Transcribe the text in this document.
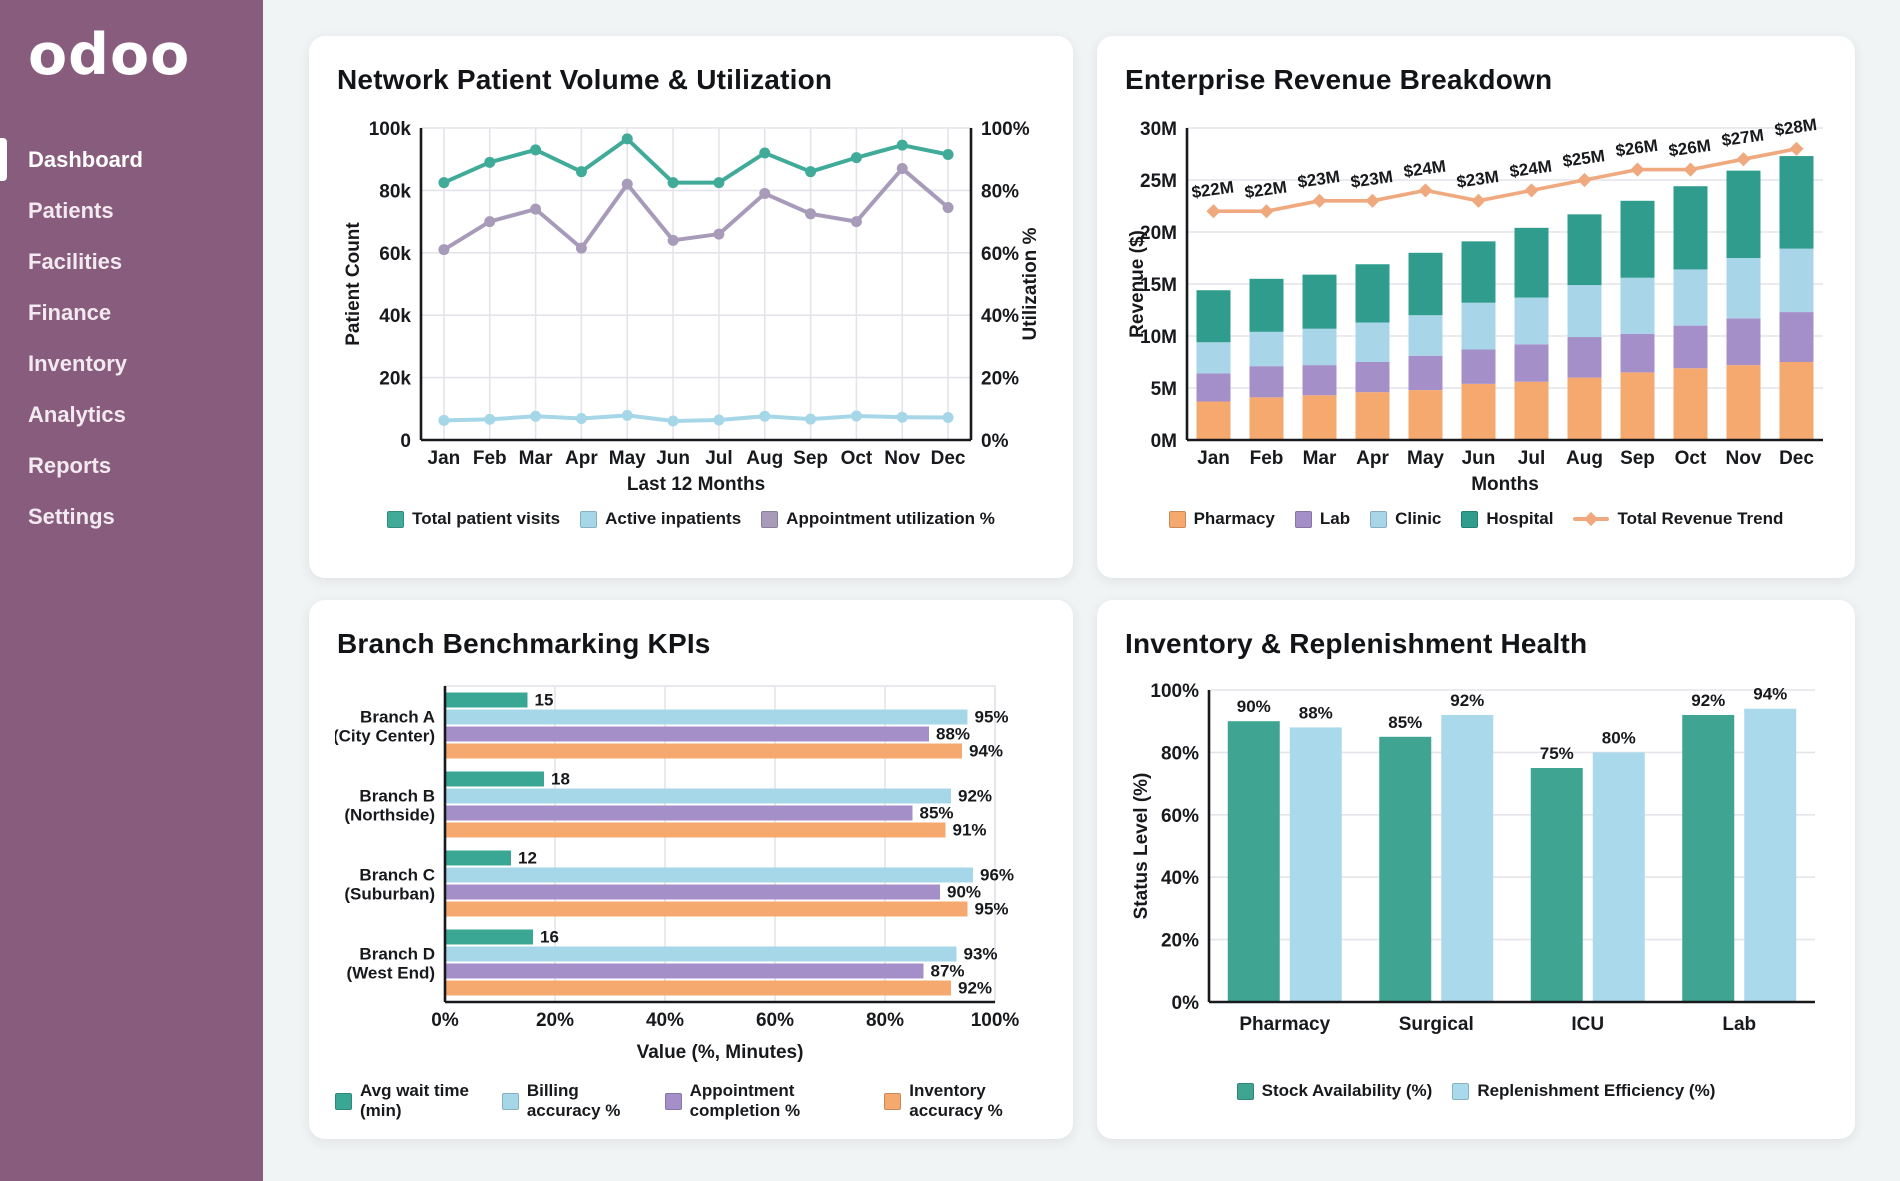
odoo
Dashboard
Patients
Facilities
Finance
Inventory
Analytics
Reports
Settings
Network Patient Volume & Utilization
0	0%
20k	20%
40k	40%
60k	60%
80k	80%
100k	100%
Jan Feb Mar Apr May Jun Jul Aug Sep Oct Nov Dec
Last 12 Months
Patient Count	Utilization %
Total patient visits	Active inpatients	Appointment utilization %
Enterprise Revenue Breakdown
0M
5M
10M
15M
20M
25M
30M
$22M $22M $23M $23M $24M $23M $24M $25M $26M $26M $27M $28M
Jan Feb Mar Apr May Jun Jul Aug Sep Oct Nov Dec
Months
Revenue ($)
Pharmacy	Lab	Clinic	Hospital	Total Revenue Trend
Branch Benchmarking KPIs
0%	20%	40%	60%	80%	100%
15
95%
88%
94%
Branch A
(City Center)
18
92%
85%
91%
Branch B
(Northside)
12
96%
90%
95%
Branch C
(Suburban)
16
93%
87%
92%
Branch D
(West End)
Value (%, Minutes)
Avg wait time (min)
Billing accuracy %
Appointment completion %
Inventory accuracy %
Inventory & Replenishment Health
0%
20%
40%
60%
80%
100%
90% 88%
Pharmacy
85%
92%
Surgical
75%
80%
ICU
92% 94%
Lab
Status Level (%)
Stock Availability (%)	Replenishment Efficiency (%)
